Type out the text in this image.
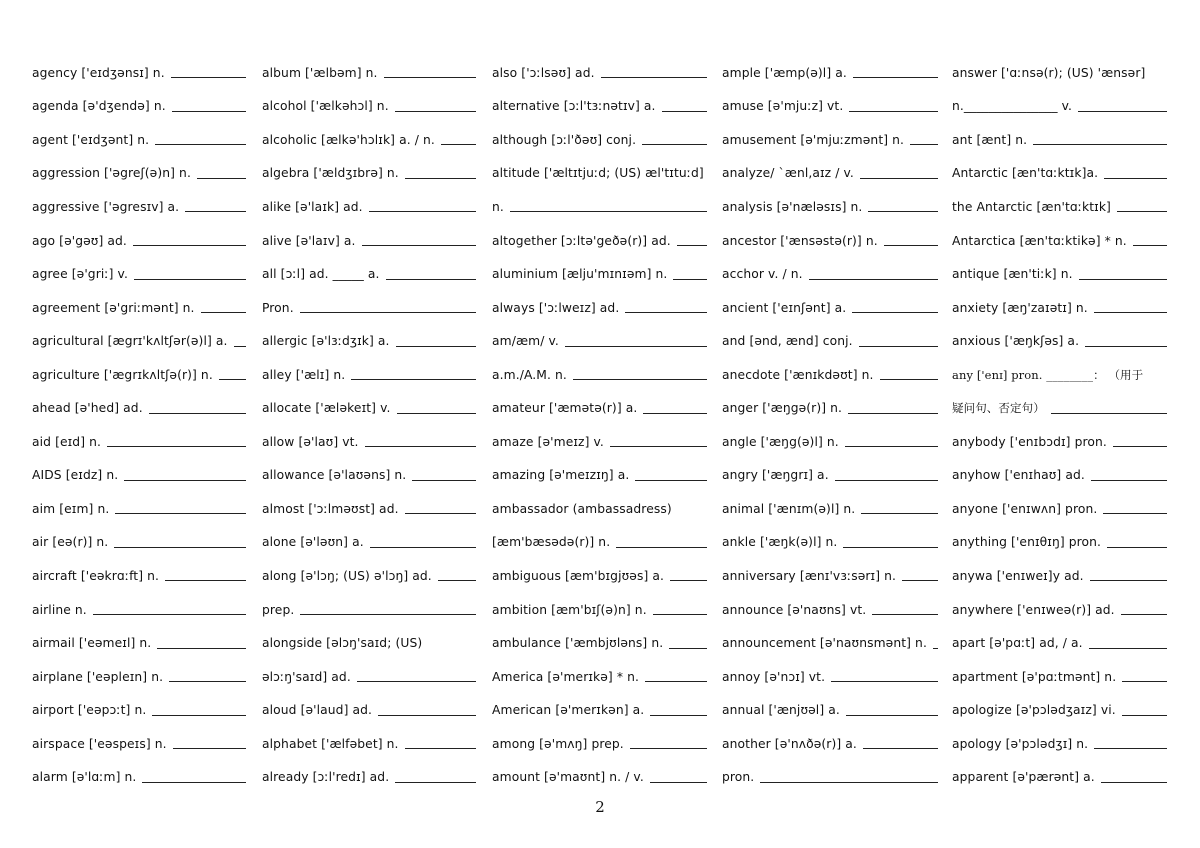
agency ['eɪdʒənsɪ] n.
agenda [ə'dʒendə] n.
agent ['eɪdʒənt] n.
aggression ['əgreʃ(ə)n] n.
aggressive ['əgresɪv] a.
ago [ə'gəʊ] ad.
agree [ə'griː] v.
agreement [ə'griːmənt] n.
agricultural [ægrɪ'kʌltʃər(ə)l] a.
agriculture ['ægrɪkʌltʃə(r)] n.
ahead [ə'hed] ad.
aid [eɪd] n.
AIDS [eɪdz] n.
aim [eɪm] n.
air [eə(r)] n.
aircraft ['eəkrɑːft] n.
airline n.
airmail ['eəmeɪl] n.
airplane ['eəpleɪn] n.
airport ['eəpɔːt] n.
airspace ['eəspeɪs] n.
alarm [ə'lɑːm] n.
album ['ælbəm] n.
alcohol ['ælkəhɔl] n.
alcoholic [ælkə'hɔlɪk] a. / n.
algebra ['ældʒɪbrə] n.
alike [ə'laɪk] ad.
alive [ə'laɪv] a.
all [ɔːl] ad. _____ a.
Pron.
allergic [ə'lɜːdʒɪk] a.
alley ['ælɪ] n.
allocate ['æləkeɪt] v.
allow [ə'laʊ] vt.
allowance [ə'laʊəns] n.
almost ['ɔːlməʊst] ad.
alone [ə'ləʊn] a.
along [ə'lɔŋ; (US) ə'lɔŋ] ad.
prep.
alongside [əlɔŋ'saɪd; (US)
əlɔːŋ'saɪd] ad.
aloud [ə'laud] ad.
alphabet ['ælfəbet] n.
already [ɔːl'redɪ] ad.
also ['ɔːlsəʊ] ad.
alternative [ɔːl'tɜːnətɪv] a.
although [ɔːl'ðəʊ] conj.
altitude ['æltɪtjuːd; (US) æl'tɪtuːd]
n.
altogether [ɔːltə'geðə(r)] ad.
aluminium [ælju'mɪnɪəm] n.
always ['ɔːlweɪz] ad.
am/æm/ v.
a.m./A.M. n.
amateur ['æmətə(r)] a.
amaze [ə'meɪz] v.
amazing [ə'meɪzɪŋ] a.
ambassador (ambassadress)
[æm'bæsədə(r)] n.
ambiguous [æm'bɪgjʊəs] a.
ambition [æm'bɪʃ(ə)n] n.
ambulance ['æmbjʊləns] n.
America [ə'merɪkə] * n.
American [ə'merɪkən] a.
among [ə'mʌŋ] prep.
amount [ə'maʊnt] n. / v.
ample ['æmp(ə)l] a.
amuse [ə'mjuːz] vt.
amusement [ə'mjuːzmənt] n.
analyze/ `ænl,aɪz / v.
analysis [ə'næləsɪs] n.
ancestor ['ænsəstə(r)] n.
acchor v. / n.
ancient ['eɪnʃənt] a.
and [ənd, ænd] conj.
anecdote ['ænɪkdəʊt] n.
anger ['æŋgə(r)] n.
angle ['æŋg(ə)l] n.
angry ['æŋgrɪ] a.
animal ['ænɪm(ə)l] n.
ankle ['æŋk(ə)l] n.
anniversary [ænɪ'vɜːsərɪ] n.
announce [ə'naʊns] vt.
announcement [ə'naʊnsmənt] n.
annoy [ə'nɔɪ] vt.
annual ['ænjʊəl] a.
another [ə'nʌðə(r)] a.
pron.
answer ['ɑːnsə(r); (US) 'ænsər]
n._______________ v.
ant [ænt] n.
Antarctic [æn'tɑːktɪk]a.
the Antarctic [æn'tɑːktɪk]
Antarctica [æn'tɑːktikə] * n.
antique [æn'tiːk] n.
anxiety [æŋ'zaɪətɪ] n.
anxious ['æŋkʃəs] a.
any ['enɪ] pron. ________： （用于
疑问句、否定句）
anybody ['enɪbɔdɪ] pron.
anyhow ['enɪhaʊ] ad.
anyone ['enɪwʌn] pron.
anything ['enɪθɪŋ] pron.
anywa ['enɪweɪ]y ad.
anywhere ['enɪweə(r)] ad.
apart [ə'pɑːt] ad, / a.
apartment [ə'pɑːtmənt] n.
apologize [ə'pɔlədʒaɪz] vi.
apology [ə'pɔlədʒɪ] n.
apparent [ə'pærənt] a.
2
